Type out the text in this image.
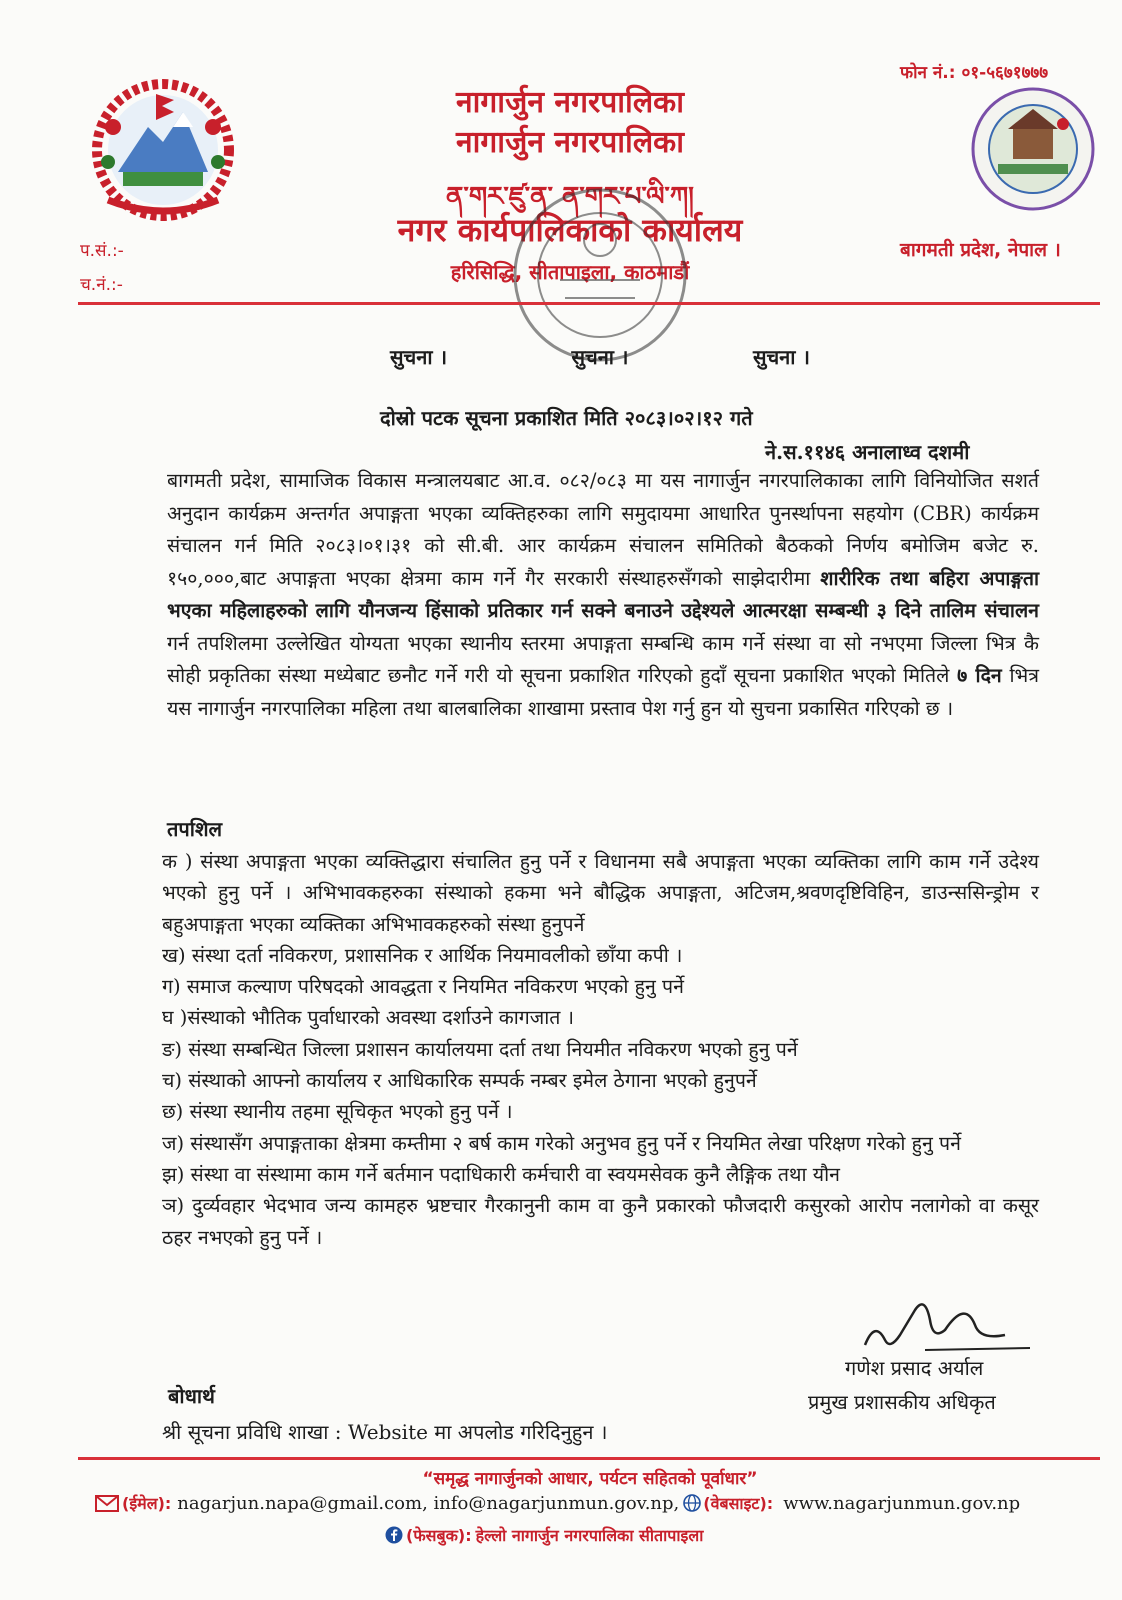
फोन नं.: ०१-५६७१७७७
नागार्जुन नगरपालिका
नागार्जुन नगरपालिका
ན་གར་ཛུ་ན་ ན་གར་པ་ལི་ཀ།
नगर कार्यपालिकाको कार्यालय
हरिसिद्धि, सीतापाइला, काठमाडौं
बागमती प्रदेश, नेपाल ।
प.सं.:-
च.नं.:-
सुचना ।	सुचना ।	सुचना ।
दोस्रो पटक सूचना प्रकाशित मिति २०८३।०२।१२ गते
ने.स.११४६ अनालाध्व दशमी

बागमती प्रदेश, सामाजिक विकास मन्त्रालयबाट आ.व. ०८२/०८३ मा यस नागार्जुन नगरपालिकाका लागि विनियोजित सशर्त अनुदान कार्यक्रम अन्तर्गत अपाङ्गता भएका व्यक्तिहरुका लागि समुदायमा आधारित पुनर्स्थापना सहयोग (CBR) कार्यक्रम संचालन गर्न मिति २०८३।०१।३१ को सी.बी. आर कार्यक्रम संचालन समितिको बैठकको निर्णय बमोजिम बजेट रु. १५०,०००,बाट अपाङ्गता भएका क्षेत्रमा काम गर्ने गैर सरकारी संस्थाहरुसँगको साझेदारीमा शारीरिक तथा बहिरा अपाङ्गता भएका महिलाहरुको लागि यौनजन्य हिंसाको प्रतिकार गर्न सक्ने बनाउने उद्देश्यले आत्मरक्षा सम्बन्धी ३ दिने तालिम संचालन गर्न तपशिलमा उल्लेखित योग्यता भएका स्थानीय स्तरमा अपाङ्गता सम्बन्धि काम गर्ने संस्था वा सो नभएमा जिल्ला भित्र कै सोही प्रकृतिका संस्था मध्येबाट छनौट गर्ने गरी यो सूचना प्रकाशित गरिएको हुदाँ सूचना प्रकाशित भएको मितिले ७ दिन भित्र यस नागार्जुन नगरपालिका महिला तथा बालबालिका शाखामा प्रस्ताव पेश गर्नु हुन यो सुचना प्रकासित गरिएको छ ।

तपशिल
क ) संस्था अपाङ्गता भएका व्यक्तिद्धारा संचालित हुनु पर्ने र विधानमा सबै अपाङ्गता भएका व्यक्तिका लागि काम गर्ने उदेश्य भएको हुनु पर्ने । अभिभावकहरुका संस्थाको हकमा भने बौद्धिक अपाङ्गता, अटिजम,श्रवणदृष्टिविहिन, डाउन्ससिन्ड्रोम र बहुअपाङ्गता भएका व्यक्तिका अभिभावकहरुको संस्था हुनुपर्ने
ख) संस्था दर्ता नविकरण, प्रशासनिक र आर्थिक नियमावलीको छाँया कपी ।
ग) समाज कल्याण परिषदको आवद्धता र नियमित नविकरण भएको हुनु पर्ने
घ )संस्थाको भौतिक पुर्वाधारको अवस्था दर्शाउने कागजात ।
ङ) संस्था सम्बन्धित जिल्ला प्रशासन कार्यालयमा दर्ता तथा नियमीत नविकरण भएको हुनु पर्ने
च) संस्थाको आफ्नो कार्यालय र आधिकारिक सम्पर्क नम्बर इमेल ठेगाना भएको हुनुपर्ने
छ) संस्था स्थानीय तहमा सूचिकृत भएको हुनु पर्ने ।
ज) संस्थासँग अपाङ्गताका क्षेत्रमा कम्तीमा २ बर्ष काम गरेको अनुभव हुनु पर्ने र नियमित लेखा परिक्षण गरेको हुनु पर्ने
झ) संस्था वा संस्थामा काम गर्ने बर्तमान पदाधिकारी कर्मचारी वा स्वयमसेवक कुनै लैङ्गिक तथा यौन
ञ) दुर्व्यवहार भेदभाव जन्य कामहरु भ्रष्टचार गैरकानुनी काम वा कुनै प्रकारको फौजदारी कसुरको आरोप नलागेको वा कसूर ठहर नभएको हुनु पर्ने ।
गणेश प्रसाद अर्याल
प्रमुख प्रशासकीय अधिकृत
बोधार्थ
श्री सूचना प्रविधि शाखा : Website मा अपलोड गरिदिनुहुन ।
“समृद्ध नागार्जुनको आधार, पर्यटन सहितको पूर्वाधार”
(ईमेल): nagarjun.napa@gmail.com, info@nagarjunmun.gov.np, (वेबसाइट): www.nagarjunmun.gov.np
(फेसबुक): हेल्लो नागार्जुन नगरपालिका सीतापाइला
